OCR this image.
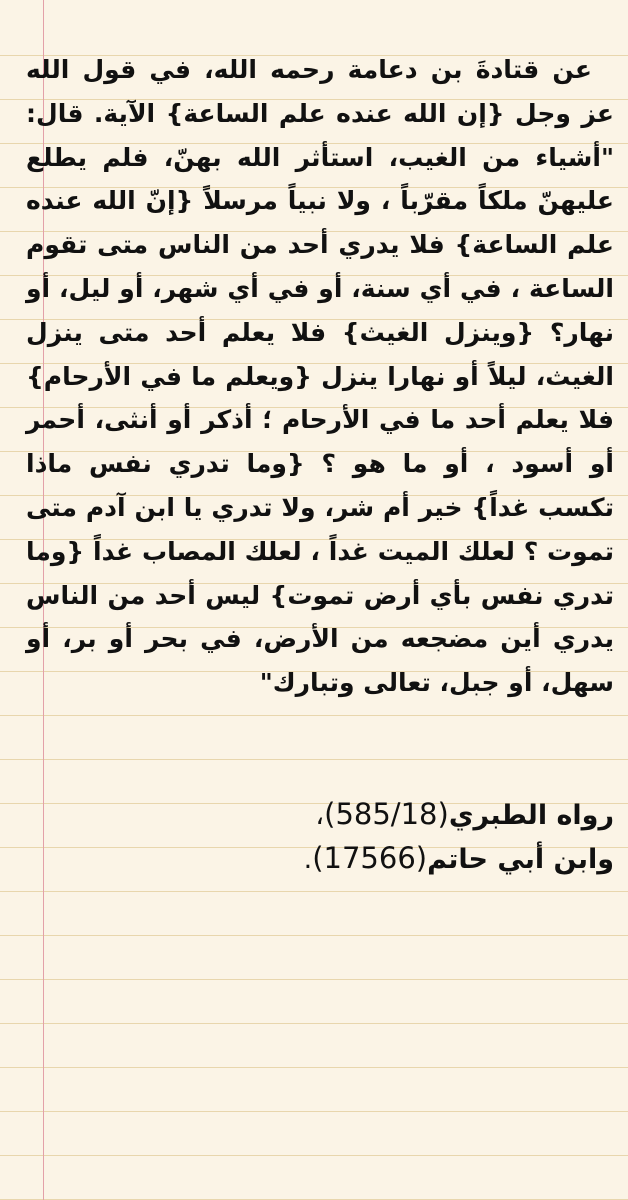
عن قتادةَ بن دعامة رحمه الله، في قول الله عز وجل {إن الله عنده علم الساعة} الآية. قال: "أشياء من الغيب، استأثر الله بهنّ، فلم يطلع عليهنّ ملكاً مقرّباً ، ولا نبياً مرسلاً {إنّ الله عنده علم الساعة} فلا يدري أحد من الناس متى تقوم الساعة ، في أي سنة، أو في أي شهر، أو ليل، أو نهار؟ {وينزل الغيث} فلا يعلم أحد متى ينزل الغيث، ليلاً أو نهارا ينزل {ويعلم ما في الأرحام} فلا يعلم أحد ما في الأرحام ؛ أذكر أو أنثى، أحمر أو أسود ، أو ما هو ؟ {وما تدري نفس ماذا تكسب غداً} خير أم شر، ولا تدري يا ابن آدم متى تموت ؟ لعلك الميت غداً ، لعلك المصاب غداً {وما تدري نفس بأي أرض تموت} ليس أحد من الناس يدري أين مضجعه من الأرض، في بحر أو بر، أو سهل، أو جبل، تعالى وتبارك"

رواه الطبري(585/18)،

وابن أبي حاتم(17566).
